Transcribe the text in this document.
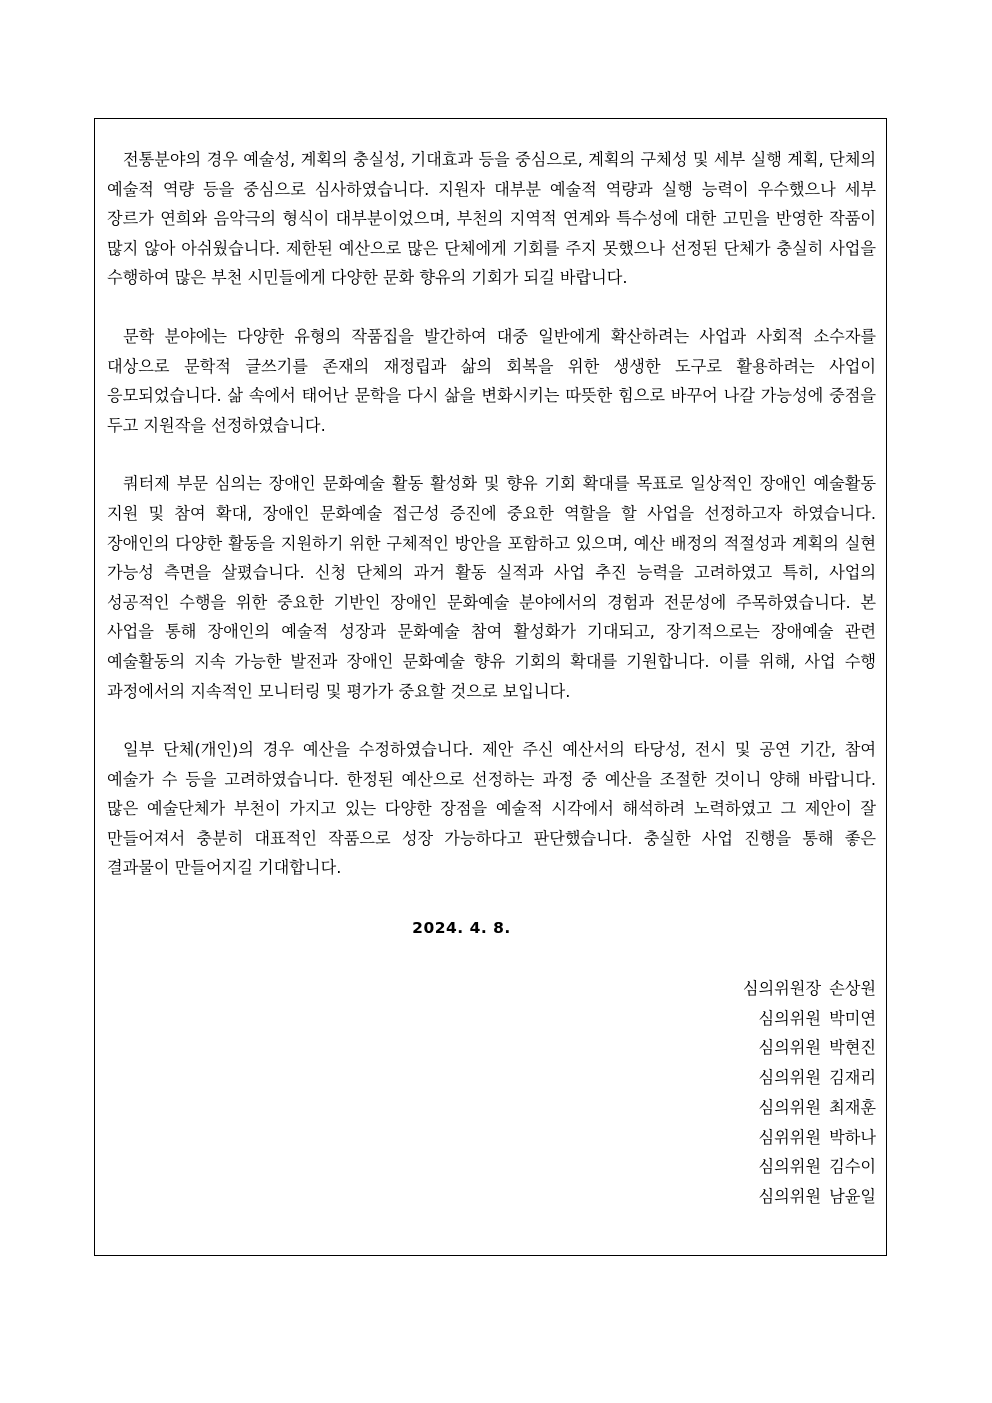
전통분야의 경우 예술성, 계획의 충실성, 기대효과 등을 중심으로, 계획의 구체성 및 세부 실행 계획, 단체의 예술적 역량 등을 중심으로 심사하였습니다. 지원자 대부분 예술적 역량과 실행 능력이 우수했으나 세부 장르가 연희와 음악극의 형식이 대부분이었으며, 부천의 지역적 연계와 특수성에 대한 고민을 반영한 작품이 많지 않아 아쉬웠습니다. 제한된 예산으로 많은 단체에게 기회를 주지 못했으나 선정된 단체가 충실히 사업을 수행하여 많은 부천 시민들에게 다양한 문화 향유의 기회가 되길 바랍니다.

문학 분야에는 다양한 유형의 작품집을 발간하여 대중 일반에게 확산하려는 사업과 사회적 소수자를 대상으로 문학적 글쓰기를 존재의 재정립과 삶의 회복을 위한 생생한 도구로 활용하려는 사업이 응모되었습니다. 삶 속에서 태어난 문학을 다시 삶을 변화시키는 따뜻한 힘으로 바꾸어 나갈 가능성에 중점을 두고 지원작을 선정하였습니다.

쿼터제 부문 심의는 장애인 문화예술 활동 활성화 및 향유 기회 확대를 목표로 일상적인 장애인 예술활동 지원 및 참여 확대, 장애인 문화예술 접근성 증진에 중요한 역할을 할 사업을 선정하고자 하였습니다. 장애인의 다양한 활동을 지원하기 위한 구체적인 방안을 포함하고 있으며, 예산 배정의 적절성과 계획의 실현 가능성 측면을 살폈습니다. 신청 단체의 과거 활동 실적과 사업 추진 능력을 고려하였고 특히, 사업의 성공적인 수행을 위한 중요한 기반인 장애인 문화예술 분야에서의 경험과 전문성에 주목하였습니다. 본 사업을 통해 장애인의 예술적 성장과 문화예술 참여 활성화가 기대되고, 장기적으로는 장애예술 관련 예술활동의 지속 가능한 발전과 장애인 문화예술 향유 기회의 확대를 기원합니다. 이를 위해, 사업 수행 과정에서의 지속적인 모니터링 및 평가가 중요할 것으로 보입니다.

일부 단체(개인)의 경우 예산을 수정하였습니다. 제안 주신 예산서의 타당성, 전시 및 공연 기간, 참여 예술가 수 등을 고려하였습니다. 한정된 예산으로 선정하는 과정 중 예산을 조절한 것이니 양해 바랍니다. 많은 예술단체가 부천이 가지고 있는 다양한 장점을 예술적 시각에서 해석하려 노력하였고 그 제안이 잘 만들어져서 충분히 대표적인 작품으로 성장 가능하다고 판단했습니다. 충실한 사업 진행을 통해 좋은 결과물이 만들어지길 기대합니다.

2024. 4. 8.
심의위원장 손상원
심의위원 박미연
심의위원 박현진
심의위원 김재리
심의위원 최재훈
심위위원 박하나
심의위원 김수이
심의위원 남윤일
